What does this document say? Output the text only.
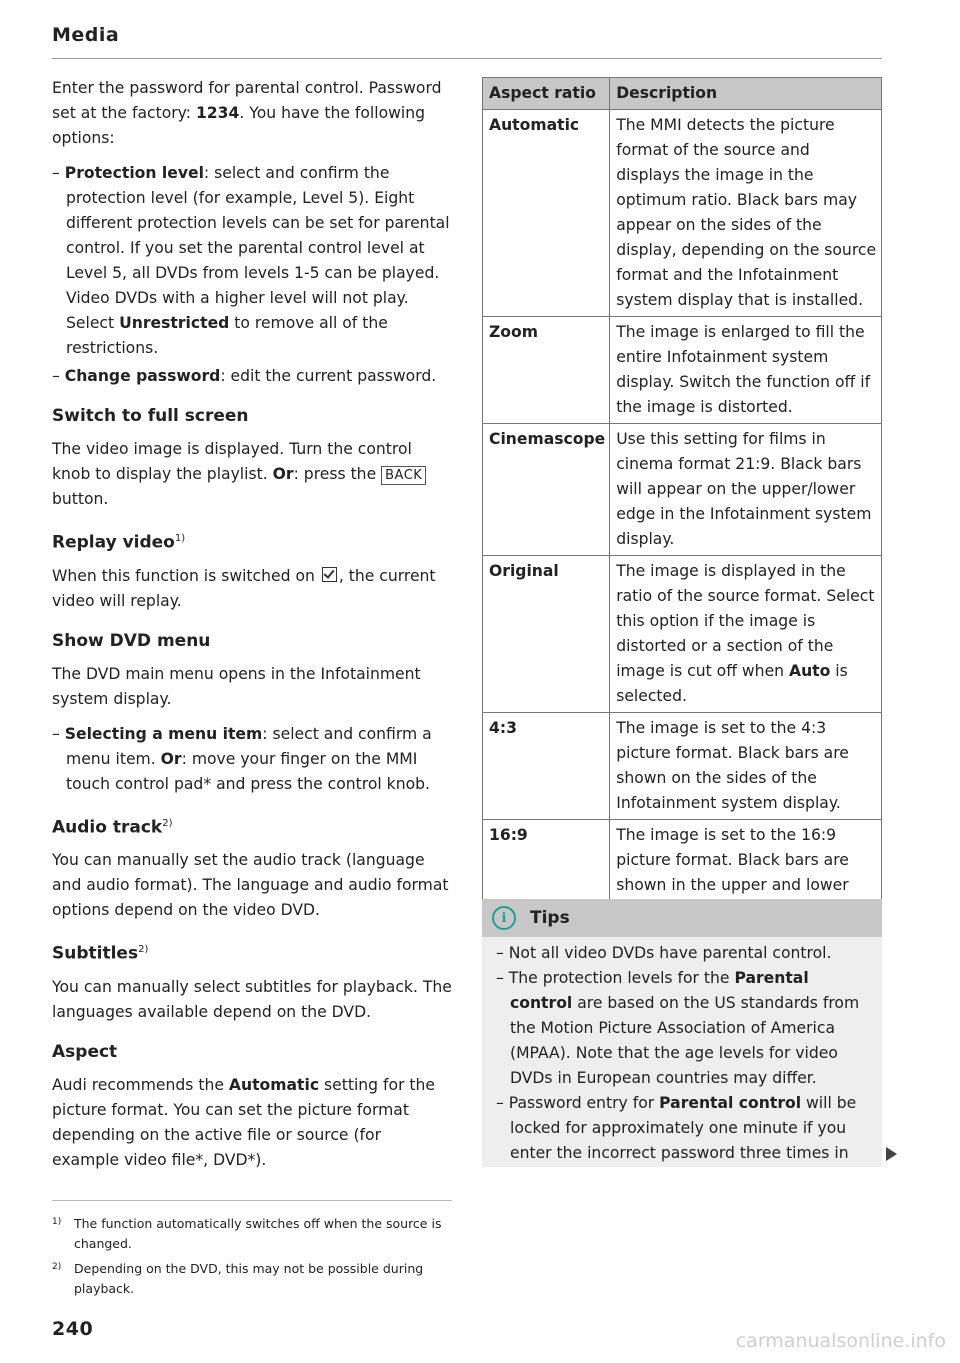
Media

Enter the password for parental control. Password set at the factory: 1234. You have the following options:

– Protection level: select and confirm the protection level (for example, Level 5). Eight different protection levels can be set for parental control. If you set the parental control level at Level 5, all DVDs from levels 1-5 can be played. Video DVDs with a higher level will not play. Select Unrestricted to remove all of the restrictions.
– Change password: edit the current password.
Switch to full screen

The video image is displayed. Turn the control knob to display the playlist. Or: press the BACK button.

Replay video$^{1)}$

When this function is switched on , the current video will replay.

Show DVD menu

The DVD main menu opens in the Infotainment system display.

– Selecting a menu item: select and confirm a menu item. Or: move your finger on the MMI touch control pad* and press the control knob.
Audio track$^{2)}$

You can manually set the audio track (language and audio format). The language and audio format options depend on the video DVD.

Subtitles$^{2)}$

You can manually select subtitles for playback. The languages available depend on the DVD.

Aspect

Audi recommends the Automatic setting for the picture format. You can set the picture format depending on the active file or source (for example video file*, DVD*).

$^{1)}$ The function automatically switches off when the source is changed.
$^{2)}$ Depending on the DVD, this may not be possible during playback.
240
Aspect ratio	Description
Automatic	The MMI detects the picture format of the source and displays the image in the optimum ratio. Black bars may appear on the sides of the display, depending on the source format and the Infotainment system display that is installed.
Zoom	The image is enlarged to fill the entire Infotainment system display. Switch the function off if the image is distorted.
Cinemascope	Use this setting for films in cinema format 21:9. Black bars will appear on the upper/lower edge in the Infotainment system display.
Original	The image is displayed in the ratio of the source format. Select this option if the image is distorted or a section of the image is cut off when Auto is selected.
4:3	The image is set to the 4:3 picture format. Black bars are shown on the sides of the Infotainment system display.
16:9	The image is set to the 16:9 picture format. Black bars are shown in the upper and lower
i	Tips
– Not all video DVDs have parental control.
– The protection levels for the Parental control are based on the US standards from the Motion Picture Association of America (MPAA). Note that the age levels for video DVDs in European countries may differ.
– Password entry for Parental control will be locked for approximately one minute if you enter the incorrect password three times in
carmanualsonline.info
